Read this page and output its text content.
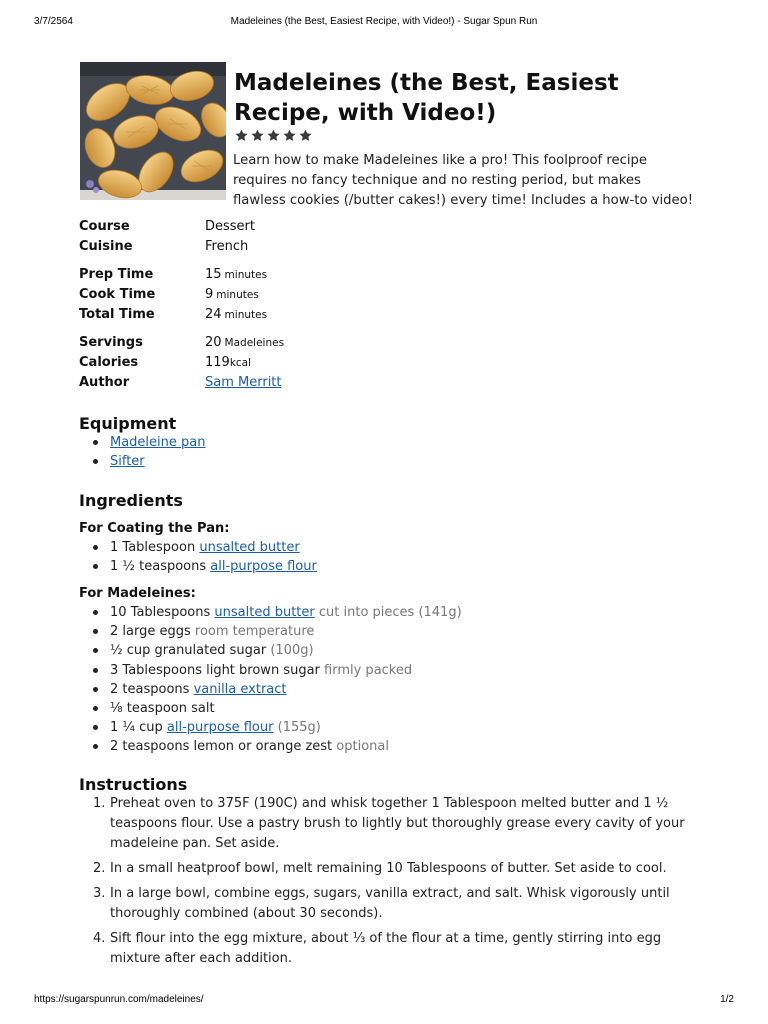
3/7/2564	Madeleines (the Best, Easiest Recipe, with Video!) - Sugar Spun Run
Madeleines (the Best, Easiest Recipe, with Video!)

Learn how to make Madeleines like a pro! This foolproof recipe requires no fancy technique and no resting period, but makes flawless cookies (/butter cakes!) every time! Includes a how-to video!

Course	Dessert
Cuisine	French
Prep Time	15 minutes
Cook Time	9 minutes
Total Time	24 minutes
Servings	20 Madeleines
Calories	119kcal
Author	Sam Merritt
Equipment
Madeleine pan
Sifter
Ingredients
For Coating the Pan:
1 Tablespoon unsalted butter
1 ½ teaspoons all-purpose flour
For Madeleines:
10 Tablespoons unsalted butter cut into pieces (141g)
2 large eggs room temperature
½ cup granulated sugar (100g)
3 Tablespoons light brown sugar firmly packed
2 teaspoons vanilla extract
⅛ teaspoon salt
1 ¼ cup all-purpose flour (155g)
2 teaspoons lemon or orange zest optional
Instructions
1. Preheat oven to 375F (190C) and whisk together 1 Tablespoon melted butter and 1 ½ teaspoons flour. Use a pastry brush to lightly but thoroughly grease every cavity of your madeleine pan. Set aside.
2. In a small heatproof bowl, melt remaining 10 Tablespoons of butter. Set aside to cool.
3. In a large bowl, combine eggs, sugars, vanilla extract, and salt. Whisk vigorously until thoroughly combined (about 30 seconds).
4. Sift flour into the egg mixture, about ⅓ of the flour at a time, gently stirring into egg mixture after each addition.
https://sugarspunrun.com/madeleines/	1/2
